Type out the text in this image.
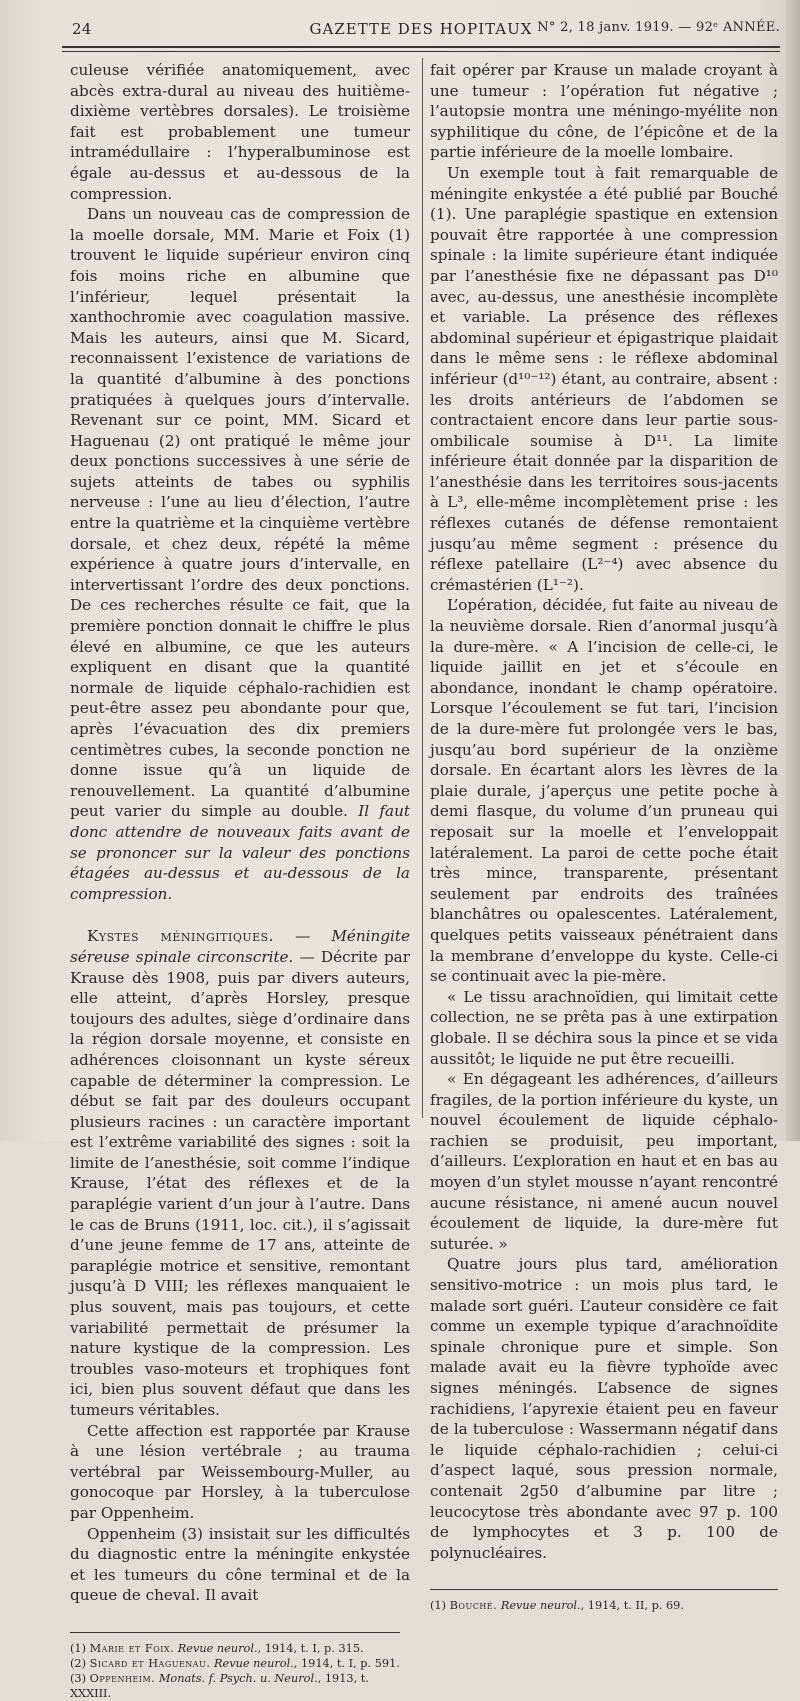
24	GAZETTE DES HOPITAUX N° 2, 18 janv. 1919. — 92ᵉ ANNÉE.

culeuse vérifiée anatomiquement, avec abcès extra-dural au niveau des huitième-dixième vertèbres dorsales). Le troisième fait est probablement une tumeur intramédullaire : l’hyperalbuminose est égale au-dessus et au-dessous de la compression.

Dans un nouveau cas de compression de la moelle dorsale, MM. Marie et Foix (1) trouvent le liquide supérieur environ cinq fois moins riche en albumine que l’inférieur, lequel présentait la xanthochromie avec coagulation massive. Mais les auteurs, ainsi que M. Sicard, reconnaissent l’existence de variations de la quantité d’albumine à des ponctions pratiquées à quelques jours d’intervalle. Revenant sur ce point, MM. Sicard et Haguenau (2) ont pratiqué le même jour deux ponctions successives à une série de sujets atteints de tabes ou syphilis nerveuse : l’une au lieu d’élection, l’autre entre la quatrième et la cinquième vertèbre dorsale, et chez deux, répété la même expérience à quatre jours d’intervalle, en intervertissant l’ordre des deux ponctions. De ces recherches résulte ce fait, que la première ponction donnait le chiffre le plus élevé en albumine, ce que les auteurs expliquent en disant que la quantité normale de liquide céphalo-rachidien est peut-être assez peu abondante pour que, après l’évacuation des dix premiers centimètres cubes, la seconde ponction ne donne issue qu’à un liquide de renouvellement. La quantité d’albumine peut varier du simple au double. Il faut donc attendre de nouveaux faits avant de se prononcer sur la valeur des ponctions étagées au-dessus et au-dessous de la compression.

Kystes méningitiques. — Méningite séreuse spinale circonscrite. — Décrite par Krause dès 1908, puis par divers auteurs, elle atteint, d’après Horsley, presque toujours des adultes, siège d’ordinaire dans la région dorsale moyenne, et consiste en adhérences cloisonnant un kyste séreux capable de déterminer la compression. Le début se fait par des douleurs occupant plusieurs racines : un caractère important est l’extrême variabilité des signes : soit la limite de l’anesthésie, soit comme l’indique Krause, l’état des réflexes et de la paraplégie varient d’un jour à l’autre. Dans le cas de Bruns (1911, loc. cit.), il s’agissait d’une jeune femme de 17 ans, atteinte de paraplégie motrice et sensitive, remontant jusqu’à D VIII; les réflexes manquaient le plus souvent, mais pas toujours, et cette variabilité permettait de présumer la nature kystique de la compression. Les troubles vaso-moteurs et trophiques font ici, bien plus souvent défaut que dans les tumeurs véritables.

Cette affection est rapportée par Krause à une lésion vertébrale ; au trauma vertébral par Weissembourg-Muller, au gonocoque par Horsley, à la tuberculose par Oppenheim.

Oppenheim (3) insistait sur les difficultés du diagnostic entre la méningite enkystée et les tumeurs du cône terminal et de la queue de cheval. Il avait

(1) Marie et Foix. Revue neurol., 1914, t. I, p. 315.
(2) Sicard et Haguenau. Revue neurol., 1914, t. I, p. 591.
(3) Oppenheim. Monats. f. Psych. u. Neurol., 1913, t. XXXIII.

fait opérer par Krause un malade croyant à une tumeur : l’opération fut négative ; l’autopsie montra une méningo-myélite non syphilitique du cône, de l’épicône et de la partie inférieure de la moelle lombaire.

Un exemple tout à fait remarquable de méningite enkystée a été publié par Bouché (1). Une paraplégie spastique en extension pouvait être rapportée à une compression spinale : la limite supérieure étant indiquée par l’anesthésie fixe ne dépassant pas D¹⁰ avec, au-dessus, une anesthésie incomplète et variable. La présence des réflexes abdominal supérieur et épigastrique plaidait dans le même sens : le réflexe abdominal inférieur (d¹⁰⁻¹²) étant, au contraire, absent : les droits antérieurs de l’abdomen se contractaient encore dans leur partie sous-ombilicale soumise à D¹¹. La limite inférieure était donnée par la disparition de l’anesthésie dans les territoires sous-jacents à L³, elle-même incomplètement prise : les réflexes cutanés de défense remontaient jusqu’au même segment : présence du réflexe patellaire (L²⁻⁴) avec absence du crémastérien (L¹⁻²).

L’opération, décidée, fut faite au niveau de la neuvième dorsale. Rien d’anormal jusqu’à la dure-mère. « A l’incision de celle-ci, le liquide jaillit en jet et s’écoule en abondance, inondant le champ opératoire. Lorsque l’écoulement se fut tari, l’incision de la dure-mère fut prolongée vers le bas, jusqu’au bord supérieur de la onzième dorsale. En écartant alors les lèvres de la plaie durale, j’aperçus une petite poche à demi flasque, du volume d’un pruneau qui reposait sur la moelle et l’enveloppait latéralement. La paroi de cette poche était très mince, transparente, présentant seulement par endroits des traînées blanchâtres ou opalescentes. Latéralement, quelques petits vaisseaux pénétraient dans la membrane d’enveloppe du kyste. Celle-ci se continuait avec la pie-mère.

« Le tissu arachnoïdien, qui limitait cette collection, ne se prêta pas à une extirpation globale. Il se déchira sous la pince et se vida aussitôt; le liquide ne put être recueilli.

« En dégageant les adhérences, d’ailleurs fragiles, de la portion inférieure du kyste, un nouvel écoulement de liquide céphalo-rachien se produisit, peu important, d’ailleurs. L’exploration en haut et en bas au moyen d’un stylet mousse n’ayant rencontré aucune résistance, ni amené aucun nouvel écoulement de liquide, la dure-mère fut suturée. »

Quatre jours plus tard, amélioration sensitivo-motrice : un mois plus tard, le malade sort guéri. L’auteur considère ce fait comme un exemple typique d’arachnoïdite spinale chronique pure et simple. Son malade avait eu la fièvre typhoïde avec signes méningés. L’absence de signes rachidiens, l’apyrexie étaient peu en faveur de la tuberculose : Wassermann négatif dans le liquide céphalo-rachidien ; celui-ci d’aspect laqué, sous pression normale, contenait 2g50 d’albumine par litre ; leucocytose très abondante avec 97 p. 100 de lymphocytes et 3 p. 100 de polynucléaires.

(1) Bouché. Revue neurol., 1914, t. II, p. 69.
